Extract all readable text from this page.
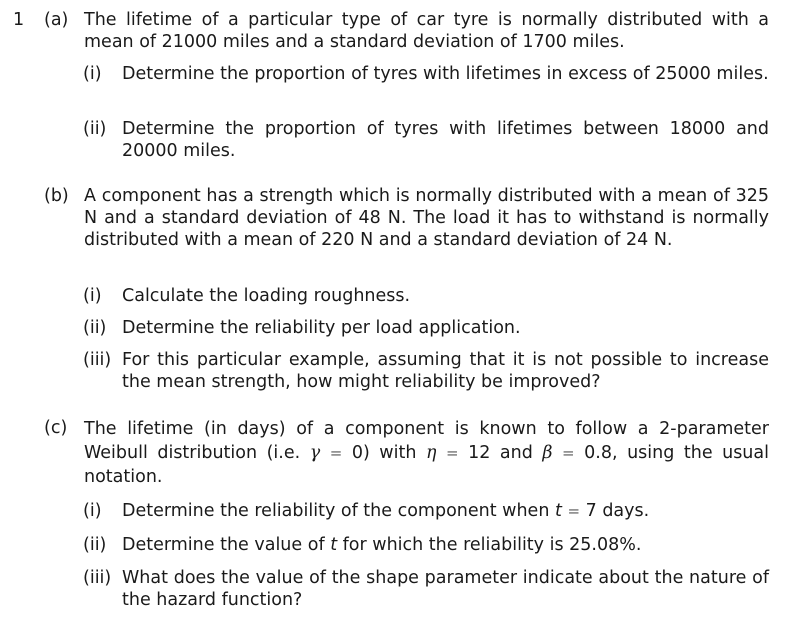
1 (a) The lifetime of a particular type of car tyre is normally distributed with a mean of 21000 miles and a standard deviation of 1700 miles.
(i) Determine the proportion of tyres with lifetimes in excess of 25000 miles.
(ii) Determine the proportion of tyres with lifetimes between 18000 and 20000 miles.
(b) A component has a strength which is normally distributed with a mean of 325 N and a standard deviation of 48 N. The load it has to withstand is normally distributed with a mean of 220 N and a standard deviation of 24 N.
(i) Calculate the loading roughness.
(ii) Determine the reliability per load application.
(iii) For this particular example, assuming that it is not possible to increase the mean strength, how might reliability be improved?
(c) The lifetime (in days) of a component is known to follow a 2-parameter Weibull distribution (i.e. γ = 0) with η = 12 and β = 0.8, using the usual notation.
(i) Determine the reliability of the component when t = 7 days.
(ii) Determine the value of t for which the reliability is 25.08%.
(iii) What does the value of the shape parameter indicate about the nature of the hazard function?
